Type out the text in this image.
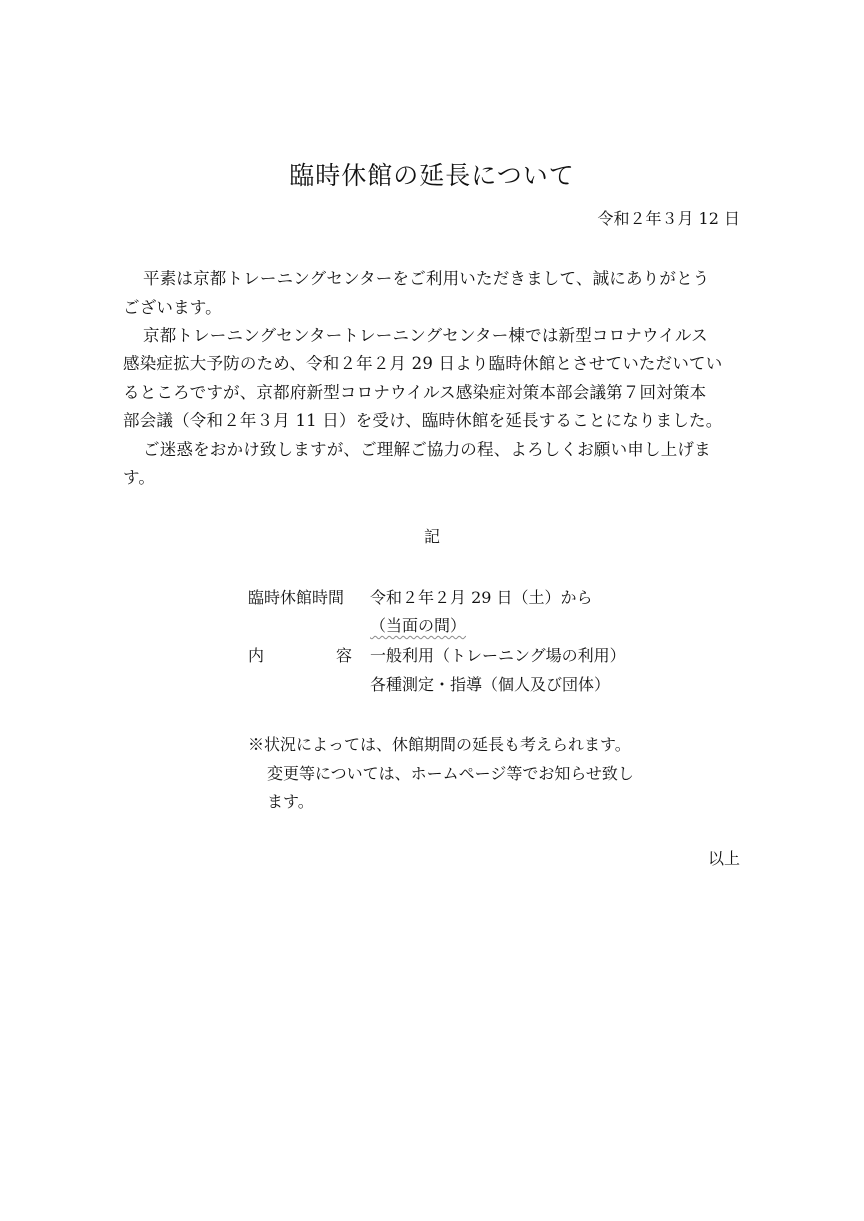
臨時休館の延長について
令和２年３月 12 日
平素は京都トレーニングセンターをご利用いただきまして、誠にありがとう
ございます。
京都トレーニングセンタートレーニングセンター棟では新型コロナウイルス
感染症拡大予防のため、令和２年２月 29 日より臨時休館とさせていただいてい
るところですが、京都府新型コロナウイルス感染症対策本部会議第７回対策本
部会議（令和２年３月 11 日）を受け、臨時休館を延長することになりました。
ご迷惑をおかけ致しますが、ご理解ご協力の程、よろしくお願い申し上げま
す。
記
臨時休館時間 令和２年２月 29 日（土）から
（当面の間）
内	容 一般利用（トレーニング場の利用）
各種測定・指導（個人及び団体）
※状況によっては、休館期間の延長も考えられます。
変更等については、ホームページ等でお知らせ致し
ます。
以上
